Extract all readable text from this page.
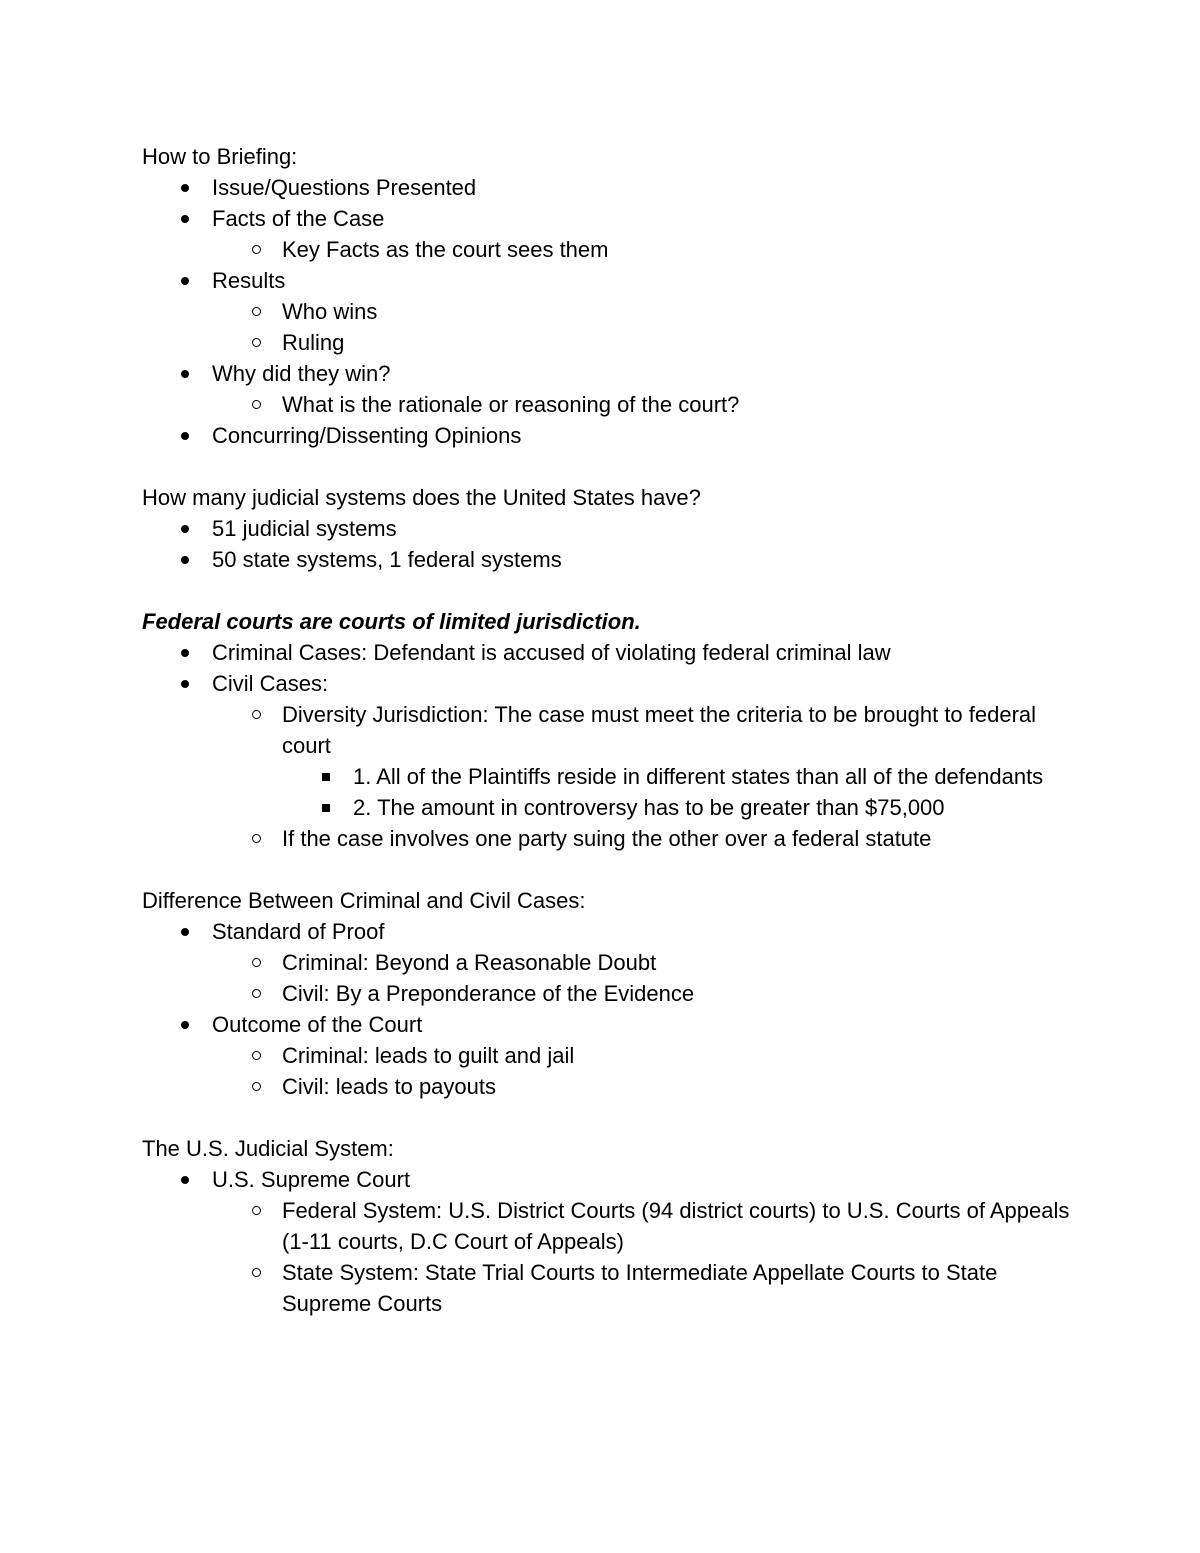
How to Briefing:

Issue/Questions Presented
Facts of the Case
Key Facts as the court sees them
Results
Who wins
Ruling
Why did they win?
What is the rationale or reasoning of the court?
Concurring/Dissenting Opinions

How many judicial systems does the United States have?

51 judicial systems
50 state systems, 1 federal systems

Federal courts are courts of limited jurisdiction.

Criminal Cases: Defendant is accused of violating federal criminal law
Civil Cases:
Diversity Jurisdiction: The case must meet the criteria to be brought to federal court
1. All of the Plaintiffs reside in different states than all of the defendants
2. The amount in controversy has to be greater than $75,000
If the case involves one party suing the other over a federal statute

Difference Between Criminal and Civil Cases:

Standard of Proof
Criminal: Beyond a Reasonable Doubt
Civil: By a Preponderance of the Evidence
Outcome of the Court
Criminal: leads to guilt and jail
Civil: leads to payouts

The U.S. Judicial System:

U.S. Supreme Court
Federal System: U.S. District Courts (94 district courts) to U.S. Courts of Appeals (1-11 courts, D.C Court of Appeals)
State System: State Trial Courts to Intermediate Appellate Courts to State Supreme Courts
